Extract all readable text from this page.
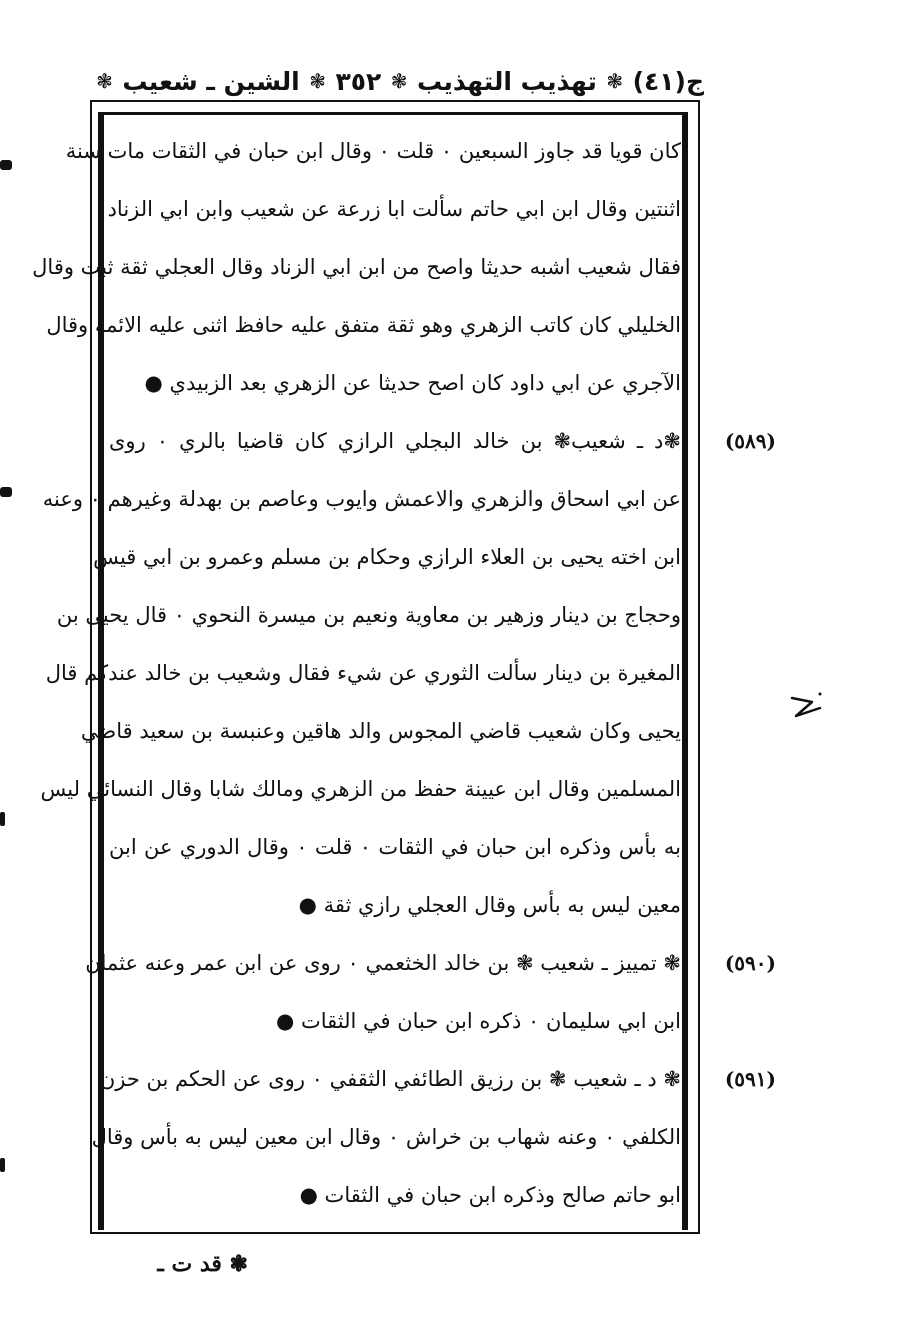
ج(٤١)
❃
تهذيب التهذيب
❃
٣٥٢
❃
الشين ـ شعيب
❃
كان قويا قد جاوز السبعين ۰ قلت ۰ وقال ابن حبان في الثقات مات سنة
اثنتين وقال ابن ابي حاتم سألت ابا زرعة عن شعيب وابن ابي الزناد
فقال شعيب اشبه حديثا واصح من ابن ابي الزناد وقال العجلي ثقة ثبت وقال
الخليلي كان كاتب الزهري وهو ثقة متفق عليه حافظ اثنى عليه الائمة وقال
الآجري عن ابي داود كان اصح حديثا عن الزهري بعد الزبيدي ●
❃د ـ شعيب❃ بن خالد البجلي الرازي كان قاضيا بالري ۰ روى
عن ابي اسحاق والزهري والاعمش وايوب وعاصم بن بهدلة وغيرهم ۰ وعنه
ابن اخته يحيى بن العلاء الرازي وحكام بن مسلم وعمرو بن ابي قيس
وحجاج بن دينار وزهير بن معاوية ونعيم بن ميسرة النحوي ۰ قال يحيى بن
المغيرة بن دينار سألت الثوري عن شيء فقال وشعيب بن خالد عندكم قال
يحيى وكان شعيب قاضي المجوس والد هاقين وعنبسة بن سعيد قاضي
المسلمين وقال ابن عيينة حفظ من الزهري ومالك شابا وقال النسائي ليس
به بأس وذكره ابن حبان في الثقات ۰ قلت ۰ وقال الدوري عن ابن
معين ليس به بأس وقال العجلي رازي ثقة ●
❃ تمييز ـ شعيب ❃ بن خالد الخثعمي ۰ روى عن ابن عمر وعنه عثمان
ابن ابي سليمان ۰ ذكره ابن حبان في الثقات ●
❃ د ـ شعيب ❃ بن رزيق الطائفي الثقفي ۰ روى عن الحكم بن حزن
الكلفي ۰ وعنه شهاب بن خراش ۰ وقال ابن معين ليس به بأس وقال
ابو حاتم صالح وذكره ابن حبان في الثقات ●
(٥٨٩)
(٥٩٠)
(٥٩١)
❃ قد ت ـ
